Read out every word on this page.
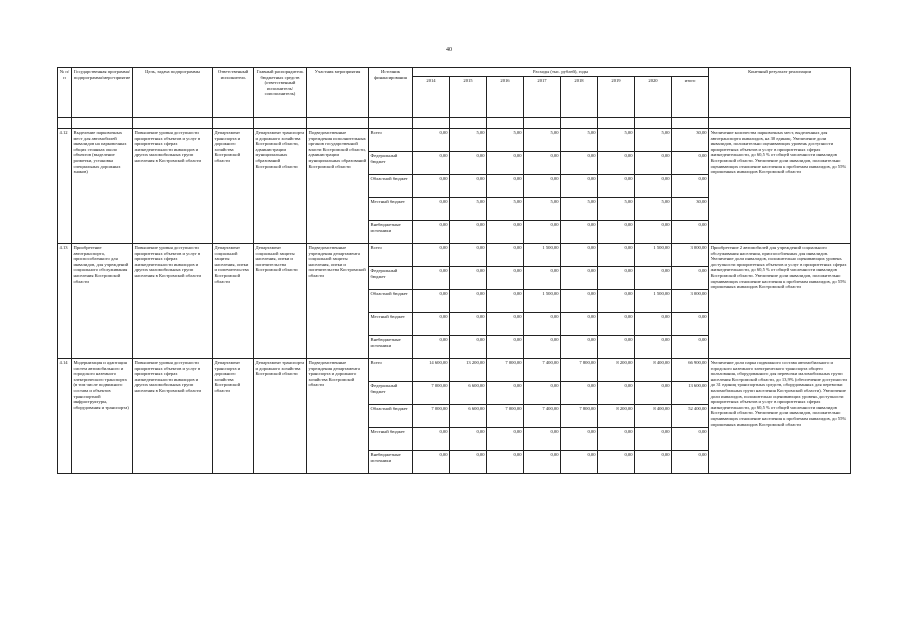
40
№ п/п	Государственная программа/подпрограмма/меро-приятие	Цель, задача подпрограммы	Ответственный исполнитель	Главный распорядитель бюджетных средств (ответственный исполнитель/соисполнитель)	Участник мероприятия	Источник финансирования	Расходы (тыс. рублей), годы								Конечный результат реализации
							2014	2015	2016	2017	2018	2019	2020	итого	

4.12	Выделение парковочных мест для автомобилей инвалидов на парковочных общих стоянках около объектов (выделение разметки, установка специальных дорожных знаков)	Повышение уровня доступности приоритетных объектов и услуг в приоритетных сферах жизнедеятельности инвалидов и других маломобильных групп населения в Костромской области	Департамент транспорта и дорожного хозяйства Костромской области	Департамент транспорта и дорожного хозяйства Костромской области, администрации муниципальных образований Костромской области	Подведомственные учреждения исполнительных органов государственной власти Костромской области, администрации муниципальных образований Костромской области	Всего	0,00	5,00	5,00	5,00	5,00	5,00	5,00	30,00	Увеличение количества парковочных мест, выделенных для автотранспорта инвалидов, на 30 единиц. Увеличение доли инвалидов, положительно оценивающих уровень доступности приоритетных объектов и услуг в приоритетных сферах жизнедеятельности, до 60,5 % от общей численности инвалидов Костромской области. Увеличение доли инвалидов, положительно оценивающих отношение населения к проблемам инвалидов, до 55% опрошенных инвалидов Костромской области
						Федеральный бюджет	0,00	0,00	0,00	0,00	0,00	0,00	0,00	0,00	
						Областной бюджет	0,00	0,00	0,00	0,00	0,00	0,00	0,00	0,00	
						Местный бюджет	0,00	5,00	5,00	5,00	5,00	5,00	5,00	30,00	
						Внебюджетные источники	0,00	0,00	0,00	0,00	0,00	0,00	0,00	0,00	
4.13	Приобретение автотранспорта, приспособленного для инвалидов, для учреждений социального обслуживания населения Костромской области	Повышение уровня доступности приоритетных объектов и услуг в приоритетных сферах жизнедеятельности инвалидов и других маломобильных групп населения в Костромской области	Департамент социальной защиты населения, опеки и попечительства Костромской области	Департамент социальной защиты населения, опеки и попечительства Костромской области	Подведомственные учреждения департамента социальной защиты населения, опеки и попечительства Костромской области	Всего	0,00	0,00	0,00	1 500,00	0,00	0,00	1 500,00	3 000,00	Приобретение 2 автомобилей для учреждений социального обслуживания населения, приспособленных для инвалидов. Увеличение доли инвалидов, положительно оценивающих уровень доступности приоритетных объектов и услуг в приоритетных сферах жизнедеятельности, до 60,5 % от общей численности инвалидов Костромской области. Увеличение доли инвалидов, положительно оценивающих отношение населения к проблемам инвалидов, до 55% опрошенных инвалидов Костромской области
						Федеральный бюджет	0,00	0,00	0,00	0,00	0,00	0,00	0,00	0,00	
						Областной бюджет	0,00	0,00	0,00	1 500,00	0,00	0,00	1 500,00	3 000,00	
						Местный бюджет	0,00	0,00	0,00	0,00	0,00	0,00	0,00	0,00	
						Внебюджетные источники	0,00	0,00	0,00	0,00	0,00	0,00	0,00	0,00	
4.14	Модернизация и адаптация систем автомобильного и городского наземного электрического транспорта (в том числе подвижного состава и объектов транспортной инфраструктуры, оборудования и транспорта)	Повышение уровня доступности приоритетных объектов и услуг в приоритетных сферах жизнедеятельности инвалидов и других маломобильных групп населения в Костромской области	Департамент транспорта и дорожного хозяйства Костромской области	Департамент транспорта и дорожного хозяйства Костромской области	Подведомственные учреждения департамента транспорта и дорожного хозяйства Костромской области	Всего	14 600,00	13 200,00	7 000,00	7 400,00	7 800,00	8 200,00	8 400,00	66 900,00	Увеличение доли парка подвижного состава автомобильного и городского наземного электрического транспорта общего пользования, оборудованного для перевозки маломобильных групп населения Костромской области, до 13,9% (обеспечение доступности до 31 единиц транспортных средств, оборудованных для перевозки маломобильных групп населения Костромской области). Увеличение доли инвалидов, положительно оценивающих уровень доступности приоритетных объектов и услуг в приоритетных сферах жизнедеятельности, до 60,5 % от общей численности инвалидов Костромской области. Увеличение доли инвалидов, положительно оценивающих отношение населения к проблемам инвалидов, до 55% опрошенных инвалидов Костромской области
						Федеральный бюджет	7 000,00	6 600,00	0,00	0,00	0,00	0,00	0,00	13 600,00	
						Областной бюджет	7 000,00	6 600,00	7 000,00	7 400,00	7 800,00	8 200,00	8 400,00	52 400,00	
						Местный бюджет	0,00	0,00	0,00	0,00	0,00	0,00	0,00	0,00	
						Внебюджетные источники	0,00	0,00	0,00	0,00	0,00	0,00	0,00	0,00	
